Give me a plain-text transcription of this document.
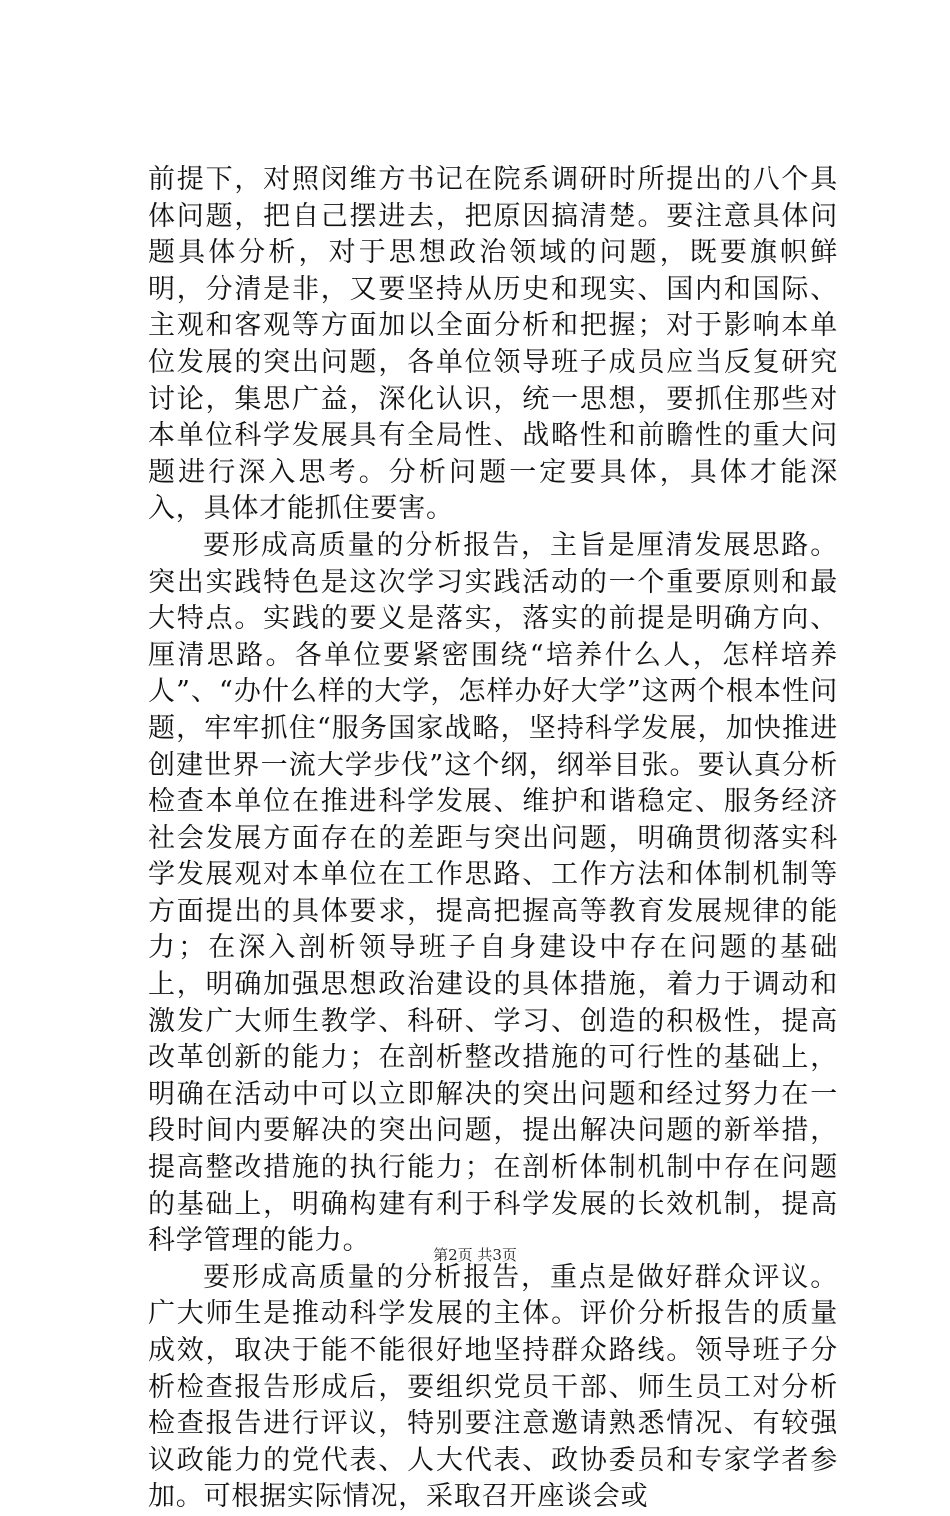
前提下，对照闵维方书记在院系调研时所提出的八个具体问题，把自己摆进去，把原因搞清楚。要注意具体问题具体分析，对于思想政治领域的问题，既要旗帜鲜明，分清是非，又要坚持从历史和现实、国内和国际、主观和客观等方面加以全面分析和把握；对于影响本单位发展的突出问题，各单位领导班子成员应当反复研究讨论，集思广益，深化认识，统一思想，要抓住那些对本单位科学发展具有全局性、战略性和前瞻性的重大问题进行深入思考。分析问题一定要具体，具体才能深入，具体才能抓住要害。

要形成高质量的分析报告，主旨是厘清发展思路。突出实践特色是这次学习实践活动的一个重要原则和最大特点。实践的要义是落实，落实的前提是明确方向、厘清思路。各单位要紧密围绕“培养什么人，怎样培养人”、“办什么样的大学，怎样办好大学”这两个根本性问题，牢牢抓住“服务国家战略，坚持科学发展，加快推进创建世界一流大学步伐”这个纲，纲举目张。要认真分析检查本单位在推进科学发展、维护和谐稳定、服务经济社会发展方面存在的差距与突出问题，明确贯彻落实科学发展观对本单位在工作思路、工作方法和体制机制等方面提出的具体要求，提高把握高等教育发展规律的能力；在深入剖析领导班子自身建设中存在问题的基础上，明确加强思想政治建设的具体措施，着力于调动和激发广大师生教学、科研、学习、创造的积极性，提高改革创新的能力；在剖析整改措施的可行性的基础上，明确在活动中可以立即解决的突出问题和经过努力在一段时间内要解决的突出问题，提出解决问题的新举措，提高整改措施的执行能力；在剖析体制机制中存在问题的基础上，明确构建有利于科学发展的长效机制，提高科学管理的能力。

要形成高质量的分析报告，重点是做好群众评议。广大师生是推动科学发展的主体。评价分析报告的质量成效，取决于能不能很好地坚持群众路线。领导班子分析检查报告形成后，要组织党员干部、师生员工对分析检查报告进行评议，特别要注意邀请熟悉情况、有较强议政能力的党代表、人大代表、政协委员和专家学者参加。可根据实际情况，采取召开座谈会或

第2页 共3页
